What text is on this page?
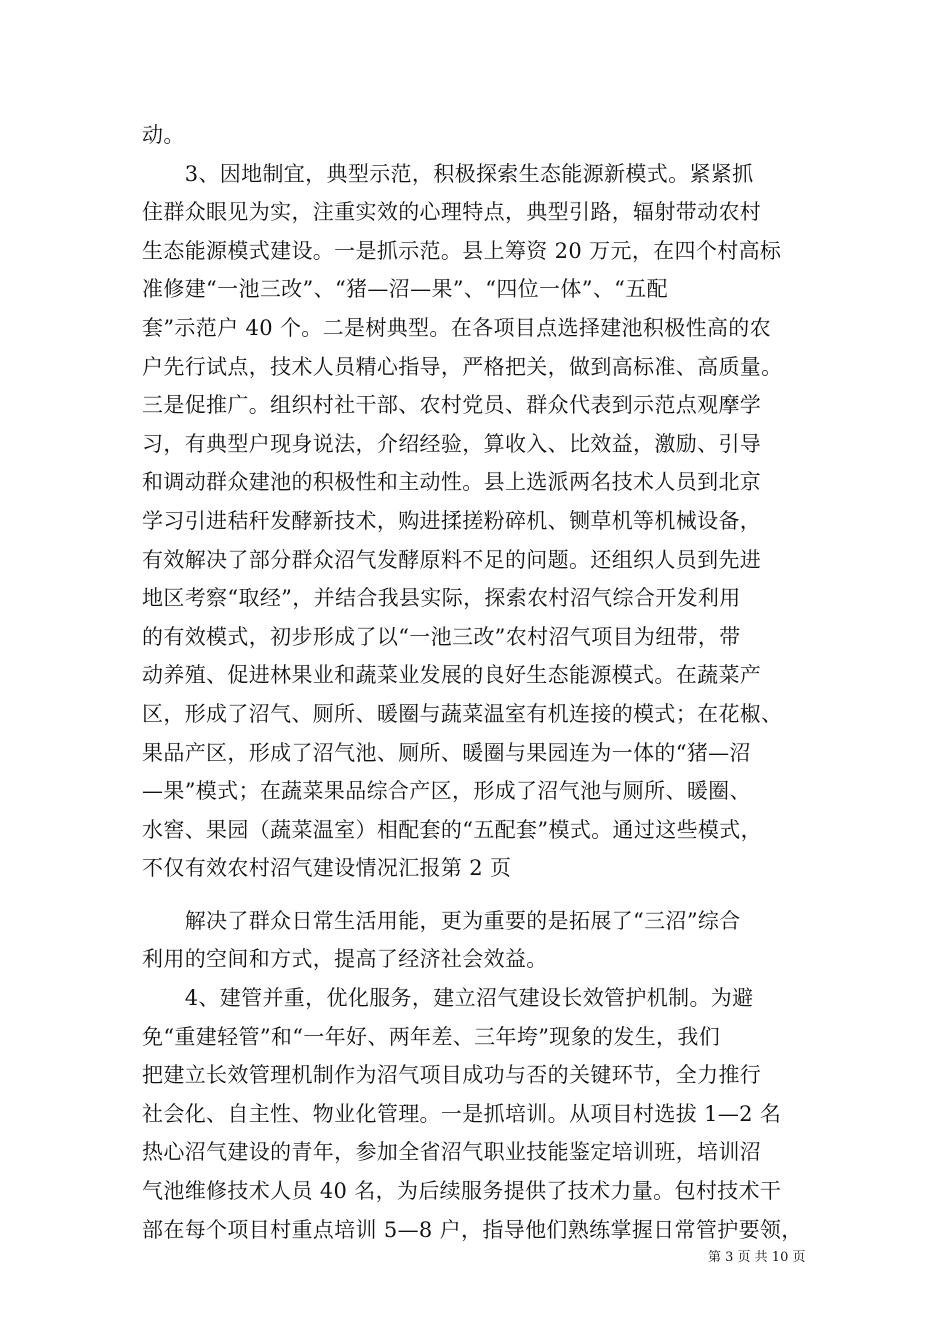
动。
　　3、因地制宜，典型示范，积极探索生态能源新模式。紧紧抓
住群众眼见为实，注重实效的心理特点，典型引路，辐射带动农村
生态能源模式建设。一是抓示范。县上筹资 20 万元，在四个村高标
准修建“一池三改”、“猪—沼—果”、“四位一体”、“五配
套”示范户 40 个。二是树典型。在各项目点选择建池积极性高的农
户先行试点，技术人员精心指导，严格把关，做到高标准、高质量。
三是促推广。组织村社干部、农村党员、群众代表到示范点观摩学
习，有典型户现身说法，介绍经验，算收入、比效益，激励、引导
和调动群众建池的积极性和主动性。县上选派两名技术人员到北京
学习引进秸秆发酵新技术，购进揉搓粉碎机、铡草机等机械设备，
有效解决了部分群众沼气发酵原料不足的问题。还组织人员到先进
地区考察“取经”，并结合我县实际，探索农村沼气综合开发利用
的有效模式，初步形成了以“一池三改”农村沼气项目为纽带，带
动养殖、促进林果业和蔬菜业发展的良好生态能源模式。在蔬菜产
区，形成了沼气、厕所、暖圈与蔬菜温室有机连接的模式；在花椒、
果品产区，形成了沼气池、厕所、暖圈与果园连为一体的“猪—沼
—果”模式；在蔬菜果品综合产区，形成了沼气池与厕所、暖圈、
水窖、果园（蔬菜温室）相配套的“五配套”模式。通过这些模式，
不仅有效农村沼气建设情况汇报第 2 页
　　解决了群众日常生活用能，更为重要的是拓展了“三沼”综合
利用的空间和方式，提高了经济社会效益。
　　4、建管并重，优化服务，建立沼气建设长效管护机制。为避
免“重建轻管”和“一年好、两年差、三年垮”现象的发生，我们
把建立长效管理机制作为沼气项目成功与否的关键环节，全力推行
社会化、自主性、物业化管理。一是抓培训。从项目村选拔 1—2 名
热心沼气建设的青年，参加全省沼气职业技能鉴定培训班，培训沼
气池维修技术人员 40 名，为后续服务提供了技术力量。包村技术干
部在每个项目村重点培训 5—8 户，指导他们熟练掌握日常管护要领，
第 3 页 共 10 页
